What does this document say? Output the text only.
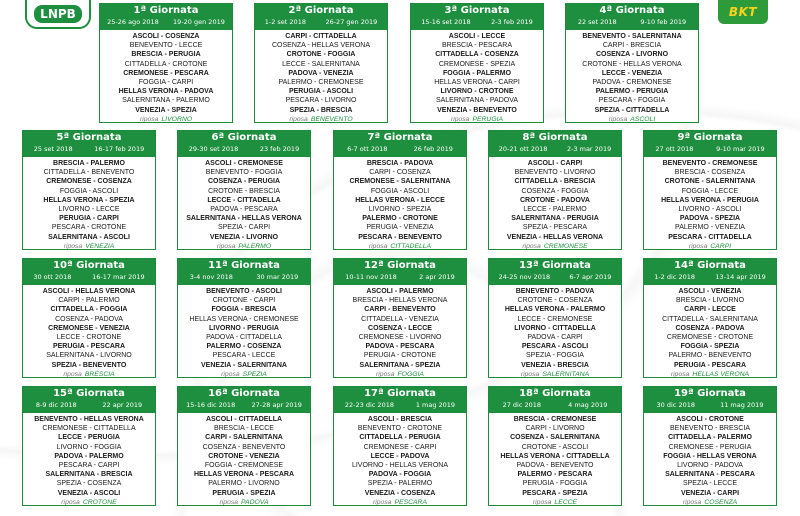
LNPB	BKT
1ª Giornata
25-26 ago 2018 19-20 gen 2019
ASCOLI - COSENZA
BENEVENTO - LECCE
BRESCIA - PERUGIA
CITTADELLA - CROTONE
CREMONESE - PESCARA
FOGGIA - CARPI
HELLAS VERONA - PADOVA
SALERNITANA - PALERMO
VENEZIA - SPEZIA
riposa LIVORNO
2ª Giornata
1-2 set 2018	26-27 gen 2019
CARPI - CITTADELLA
COSENZA - HELLAS VERONA
CROTONE - FOGGIA
LECCE - SALERNITANA
PADOVA - VENEZIA
PALERMO - CREMONESE
PERUGIA - ASCOLI
PESCARA - LIVORNO
SPEZIA - BRESCIA
riposa BENEVENTO
3ª Giornata
15-16 set 2018	2-3 feb 2019
ASCOLI - LECCE
BRESCIA - PESCARA
CITTADELLA - COSENZA
CREMONESE - SPEZIA
FOGGIA - PALERMO
HELLAS VERONA - CARPI
LIVORNO - CROTONE
SALERNITANA - PADOVA
VENEZIA - BENEVENTO
riposa PERUGIA
4ª Giornata
22 set 2018	9-10 feb 2019
BENEVENTO - SALERNITANA
CARPI - BRESCIA
COSENZA - LIVORNO
CROTONE - HELLAS VERONA
LECCE - VENEZIA
PADOVA - CREMONESE
PALERMO - PERUGIA
PESCARA - FOGGIA
SPEZIA - CITTADELLA
riposa ASCOLI
5ª Giornata
25 set 2018	16-17 feb 2019
BRESCIA - PALERMO
CITTADELLA - BENEVENTO
CREMONESE - COSENZA
FOGGIA - ASCOLI
HELLAS VERONA - SPEZIA
LIVORNO - LECCE
PERUGIA - CARPI
PESCARA - CROTONE
SALERNITANA - ASCOLI
riposa VENEZIA
6ª Giornata
29-30 set 2018	23 feb 2019
ASCOLI - CREMONESE
BENEVENTO - FOGGIA
COSENZA - PERUGIA
CROTONE - BRESCIA
LECCE - CITTADELLA
PADOVA - PESCARA
SALERNITANA - HELLAS VERONA
SPEZIA - CARPI
VENEZIA - LIVORNO
riposa PALERMO
7ª Giornata
6-7 ott 2018	26 feb 2019
BRESCIA - PADOVA
CARPI - COSENZA
CREMONESE - SALERNITANA
FOGGIA - ASCOLI
HELLAS VERONA - LECCE
LIVORNO - SPEZIA
PALERMO - CROTONE
PERUGIA - VENEZIA
PESCARA - BENEVENTO
riposa CITTADELLA
8ª Giornata
20-21 ott 2018	2-3 mar 2019
ASCOLI - CARPI
BENEVENTO - LIVORNO
CITTADELLA - BRESCIA
COSENZA - FOGGIA
CROTONE - PADOVA
LECCE - PALERMO
SALERNITANA - PERUGIA
SPEZIA - PESCARA
VENEZIA - HELLAS VERONA
riposa CREMONESE
9ª Giornata
27 ott 2018	9-10 mar 2019
BENEVENTO - CREMONESE
BRESCIA - COSENZA
CROTONE - SALERNITANA
FOGGIA - LECCE
HELLAS VERONA - PERUGIA
LIVORNO - ASCOLI
PADOVA - SPEZIA
PALERMO - VENEZIA
PESCARA - CITTADELLA
riposa CARPI
10ª Giornata
30 ott 2018	16-17 mar 2019
ASCOLI - HELLAS VERONA
CARPI - PALERMO
CITTADELLA - FOGGIA
COSENZA - PADOVA
CREMONESE - VENEZIA
LECCE - CROTONE
PERUGIA - PESCARA
SALERNITANA - LIVORNO
SPEZIA - BENEVENTO
riposa BRESCIA
11ª Giornata
3-4 nov 2018	30 mar 2019
BENEVENTO - ASCOLI
CROTONE - CARPI
FOGGIA - BRESCIA
HELLAS VERONA - CREMONESE
LIVORNO - PERUGIA
PADOVA - CITTADELLA
PALERMO - COSENZA
PESCARA - LECCE
VENEZIA - SALERNITANA
riposa SPEZIA
12ª Giornata
10-11 nov 2018	2 apr 2019
ASCOLI - PALERMO
BRESCIA - HELLAS VERONA
CARPI - BENEVENTO
CITTADELLA - VENEZIA
COSENZA - LECCE
CREMONESE - LIVORNO
PADOVA - PESCARA
PERUGIA - CROTONE
SALERNITANA - SPEZIA
riposa FOGGIA
13ª Giornata
24-25 nov 2018	6-7 apr 2019
BENEVENTO - PADOVA
CROTONE - COSENZA
HELLAS VERONA - PALERMO
LECCE - CREMONESE
LIVORNO - CITTADELLA
PADOVA - CARPI
PESCARA - ASCOLI
SPEZIA - FOGGIA
VENEZIA - BRESCIA
riposa SALERNITANA
14ª Giornata
1-2 dic 2018	13-14 apr 2019
ASCOLI - VENEZIA
BRESCIA - LIVORNO
CARPI - LECCE
CITTADELLA - SALERNITANA
COSENZA - PADOVA
CREMONESE - CROTONE
FOGGIA - SPEZIA
PALERMO - BENEVENTO
PERUGIA - PESCARA
riposa HELLAS VERONA
15ª Giornata
8-9 dic 2018	22 apr 2019
BENEVENTO - HELLAS VERONA
CREMONESE - CITTADELLA
LECCE - PERUGIA
LIVORNO - FOGGIA
PADOVA - PALERMO
PESCARA - CARPI
SALERNITANA - BRESCIA
SPEZIA - COSENZA
VENEZIA - ASCOLI
riposa CROTONE
16ª Giornata
15-16 dic 2018	27-28 apr 2019
ASCOLI - CITTADELLA
BRESCIA - LECCE
CARPI - SALERNITANA
COSENZA - BENEVENTO
CROTONE - VENEZIA
FOGGIA - CREMONESE
HELLAS VERONA - PESCARA
PALERMO - LIVORNO
PERUGIA - SPEZIA
riposa PADOVA
17ª Giornata
22-23 dic 2018	1 mag 2019
ASCOLI - BRESCIA
BENEVENTO - CROTONE
CITTADELLA - PERUGIA
CREMONESE - CARPI
LECCE - PADOVA
LIVORNO - HELLAS VERONA
PADOVA - FOGGIA
SPEZIA - PALERMO
VENEZIA - COSENZA
riposa PESCARA
18ª Giornata
27 dic 2018	4 mag 2019
BRESCIA - CREMONESE
CARPI - LIVORNO
COSENZA - SALERNITANA
CROTONE - ASCOLI
HELLAS VERONA - CITTADELLA
PADOVA - BENEVENTO
PALERMO - PESCARA
PERUGIA - FOGGIA
PESCARA - SPEZIA
riposa LECCE
19ª Giornata
30 dic 2018	11 mag 2019
ASCOLI - CROTONE
BENEVENTO - BRESCIA
CITTADELLA - PALERMO
CREMONESE - PERUGIA
FOGGIA - HELLAS VERONA
LIVORNO - PADOVA
SALERNITANA - PESCARA
SPEZIA - LECCE
VENEZIA - CARPI
riposa COSENZA
